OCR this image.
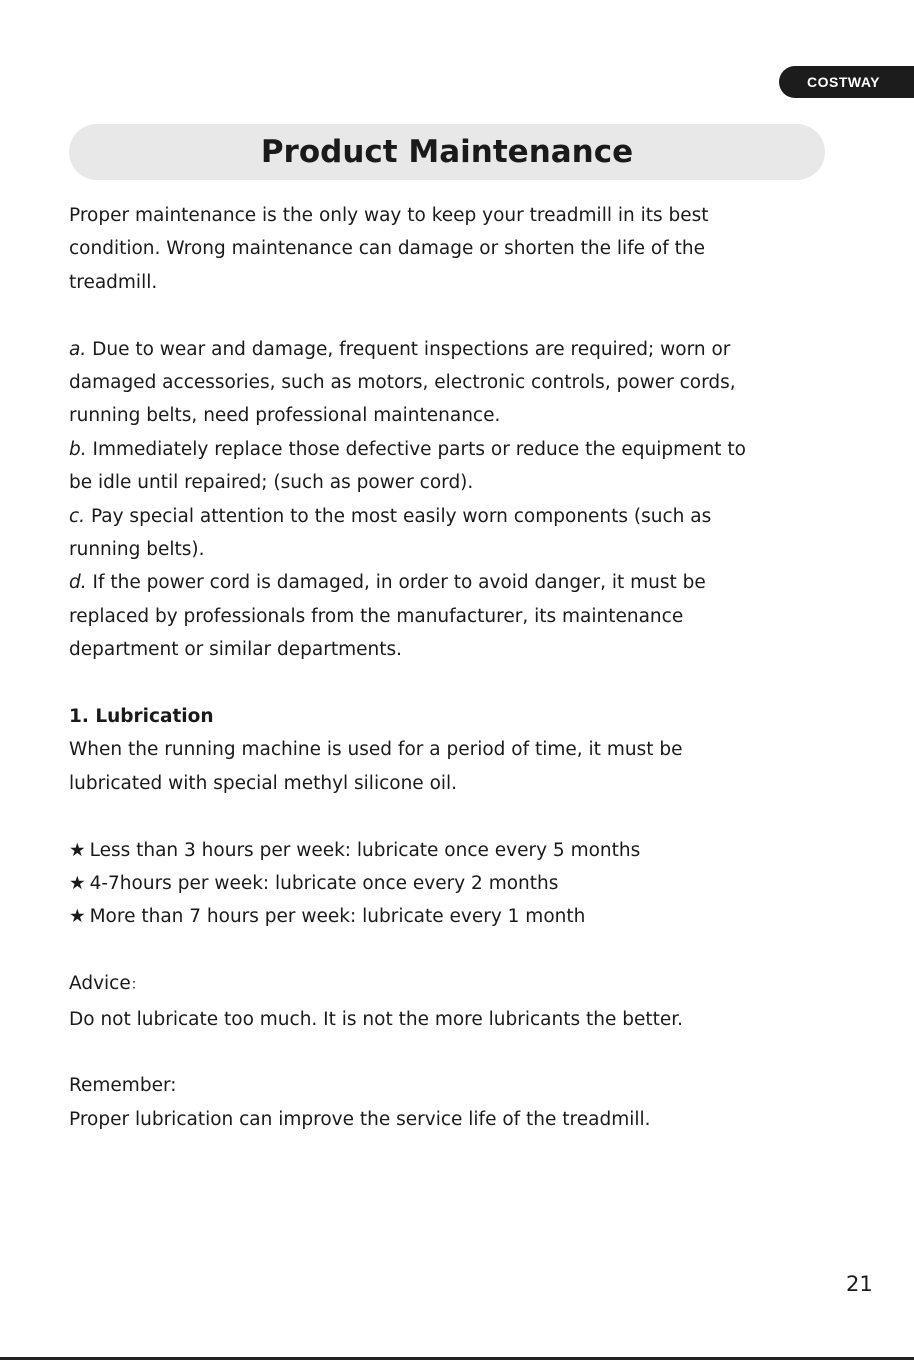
COSTWAY
Product Maintenance

Proper maintenance is the only way to keep your treadmill in its best

condition. Wrong maintenance can damage or shorten the life of the

treadmill.

a. Due to wear and damage, frequent inspections are required; worn or

damaged accessories, such as motors, electronic controls, power cords,

running belts, need professional maintenance.

b. Immediately replace those defective parts or reduce the equipment to

be idle until repaired; (such as power cord).

c. Pay special attention to the most easily worn components (such as

running belts).

d. If the power cord is damaged, in order to avoid danger, it must be

replaced by professionals from the manufacturer, its maintenance

department or similar departments.

1. Lubrication

When the running machine is used for a period of time, it must be

lubricated with special methyl silicone oil.

★ Less than 3 hours per week: lubricate once every 5 months

★ 4-7hours per week: lubricate once every 2 months

★ More than 7 hours per week: lubricate every 1 month

Advice：

Do not lubricate too much. It is not the more lubricants the better.

Remember:

Proper lubrication can improve the service life of the treadmill.

21
